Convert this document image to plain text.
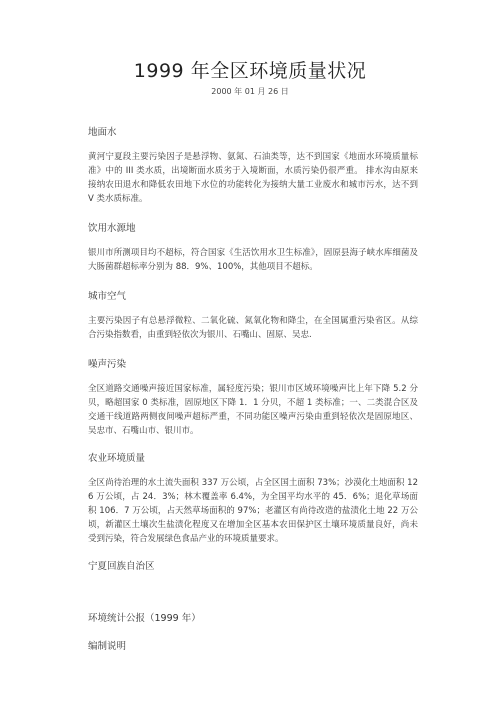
1999 年全区环境质量状况
2000 年 01 月 26 日
地面水
黄河宁夏段主要污染因子是悬浮物、氨氮、石油类等，达不到国家《地面水环境质量标准》中的 III 类水质，出境断面水质劣于入境断面，水质污染仍很严重。 排水沟由原来接纳农田退水和降低农田地下水位的功能转化为接纳大量工业废水和城市污水，达不到 V 类水质标准。
饮用水源地
银川市所测项目均不超标，符合国家《生活饮用水卫生标准》，固原县海子峡水库细菌及大肠菌群超标率分别为 88．9%、100%，其他项目不超标。
城市空气
主要污染因子有总悬浮微粒、二氧化硫、氮氧化物和降尘，在全国属重污染省区。从综合污染指数看，由重到轻依次为银川、石嘴山、固原、吴忠.
噪声污染
全区道路交通噪声接近国家标准，属轻度污染；银川市区域环境噪声比上年下降 5.2 分贝，略超国家 0 类标准，固原地区下降 1．1 分贝，不超 1 类标准；一、二类混合区及交通干线道路两侧夜间噪声超标严重，不同功能区噪声污染由重到轻依次是固原地区、吴忠市、石嘴山市、银川市。
农业环境质量
全区尚待治理的水土流失面积 337 万公顷，占全区国土面积 73%；沙漠化土地面积 126 万公顷，占 24．3%；林木覆盖率 6.4%，为全国平均水平的 45．6%；退化草场面积 106．7 万公顷，占天然草场面积的 97%；老灌区有尚待改造的盐渍化土地 22 万公顷，新灌区土壤次生盐渍化程度又在增加全区基本农田保护区土壤环境质量良好，尚未受到污染，符合发展绿色食品产业的环境质量要求。
宁夏回族自治区
环境统计公报（1999 年）
编制说明
